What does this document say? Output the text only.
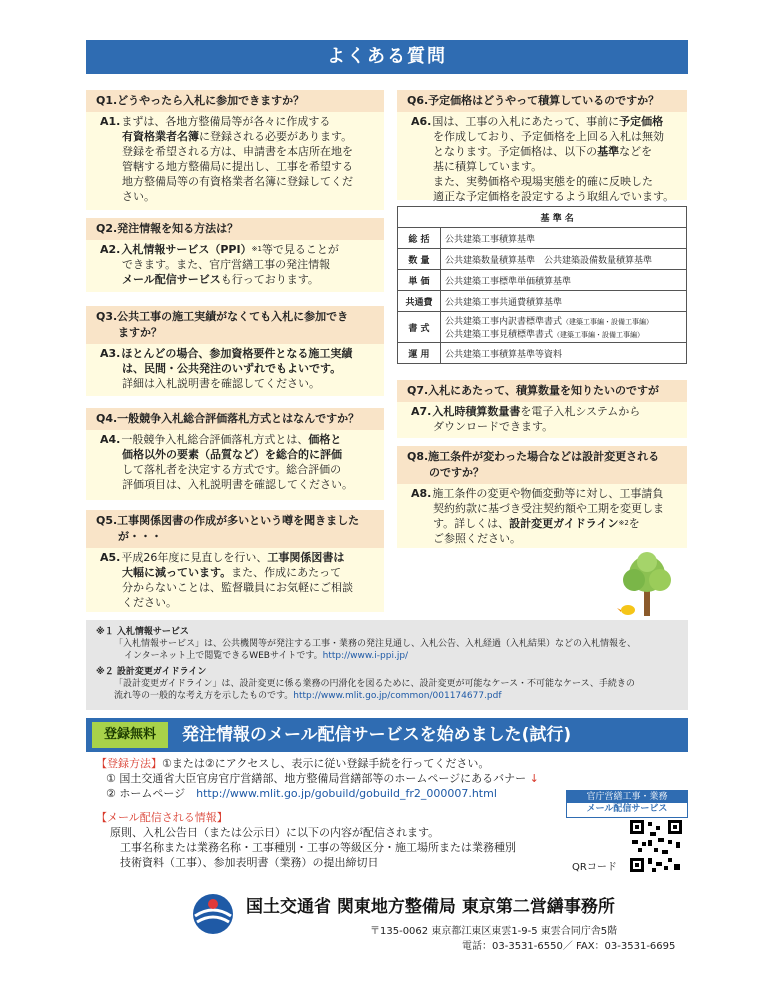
よくある質問
Q1.どうやったら入札に参加できますか？
A1.まずは、各地方整備局等が各々に作成する
有資格業者名簿に登録される必要があります。
登録を希望される方は、申請書を本店所在地を
管轄する地方整備局に提出し、工事を希望する
地方整備局等の有資格業者名簿に登録してくだ
さい。
Q2.発注情報を知る方法は？
A2.入札情報サービス（PPI）$^{※1}$等で見ることが
できます。また、官庁営繕工事の発注情報
メール配信サービスも行っております。
Q3.公共工事の施工実績がなくても入札に参加でき
ますか？
A3.ほとんどの場合、参加資格要件となる施工実績
は、民間・公共発注のいずれでもよいです。
詳細は入札説明書を確認してください。
Q4.一般競争入札総合評価落札方式とはなんですか？
A4.一般競争入札総合評価落札方式とは、価格と
価格以外の要素（品質など）を総合的に評価
して落札者を決定する方式です。総合評価の
評価項目は、入札説明書を確認してください。
Q5.工事関係図書の作成が多いという噂を聞きました
が・・・
A5.平成26年度に見直しを行い、工事関係図書は
大幅に減っています。また、作成にあたって
分からないことは、監督職員にお気軽にご相談
ください。
Q6.予定価格はどうやって積算しているのですか？
A6.国は、工事の入札にあたって、事前に予定価格
を作成しており、予定価格を上回る入札は無効
となります。予定価格は、以下の基準などを
基に積算しています。
また、実勢価格や現場実態を的確に反映した
適正な予定価格を設定するよう取組んでいます。
	基 準 名
総 括	公共建築工事積算基準
数 量	公共建築数量積算基準　公共建築設備数量積算基準
単 価	公共建築工事標準単価積算基準
共通費	公共建築工事共通費積算基準
書 式	公共建築工事内訳書標準書式（建築工事編・設備工事編）
公共建築工事見積標準書式（建築工事編・設備工事編）

運 用	公共建築工事積算基準等資料
Q7.入札にあたって、積算数量を知りたいのですが
A7.入札時積算数量書を電子入札システムから
ダウンロードできます。
Q8.施工条件が変わった場合などは設計変更される
のですか？
A8.施工条件の変更や物価変動等に対し、工事請負
契約約款に基づき受注契約額や工期を変更しま
す。詳しくは、設計変更ガイドライン$^{※2}$を
ご参照ください。
※１ 入札情報サービス
「入札情報サービス」は、公共機関等が発注する工事・業務の発注見通し、入札公告、入札経過（入札結果）などの入札情報を、
インターネット上で閲覧できるWEBサイトです。http://www.i-ppi.jp/
※２ 設計変更ガイドライン
「設計変更ガイドライン」は、設計変更に係る業務の円滑化を図るために、設計変更が可能なケース・不可能なケース、手続きの
流れ等の一般的な考え方を示したものです。http://www.mlit.go.jp/common/001174677.pdf
登録無料	発注情報のメール配信サービスを始めました(試行)
【登録方法】①または②にアクセスし、表示に従い登録手続を行ってください。
① 国土交通省大臣官房官庁営繕部、地方整備局営繕部等のホームページにあるバナー ↓
② ホームページ　 http://www.mlit.go.jp/gobuild/gobuild_fr2_000007.html	官庁営繕工事・業務
メール配信サービス
【メール配信される情報】
原則、入札公告日（または公示日）に以下の内容が配信されます。
工事名称または業務名称・工事種別・工事の等級区分・施工場所または業務種別
技術資料（工事）、参加表明書（業務）の提出締切日	QRコード
国土交通省 関東地方整備局 東京第二営繕事務所
〒135-0062 東京都江東区東雲1-9-5 東雲合同庁舎5階
電話：03-3531-6550／ FAX：03-3531-6695
